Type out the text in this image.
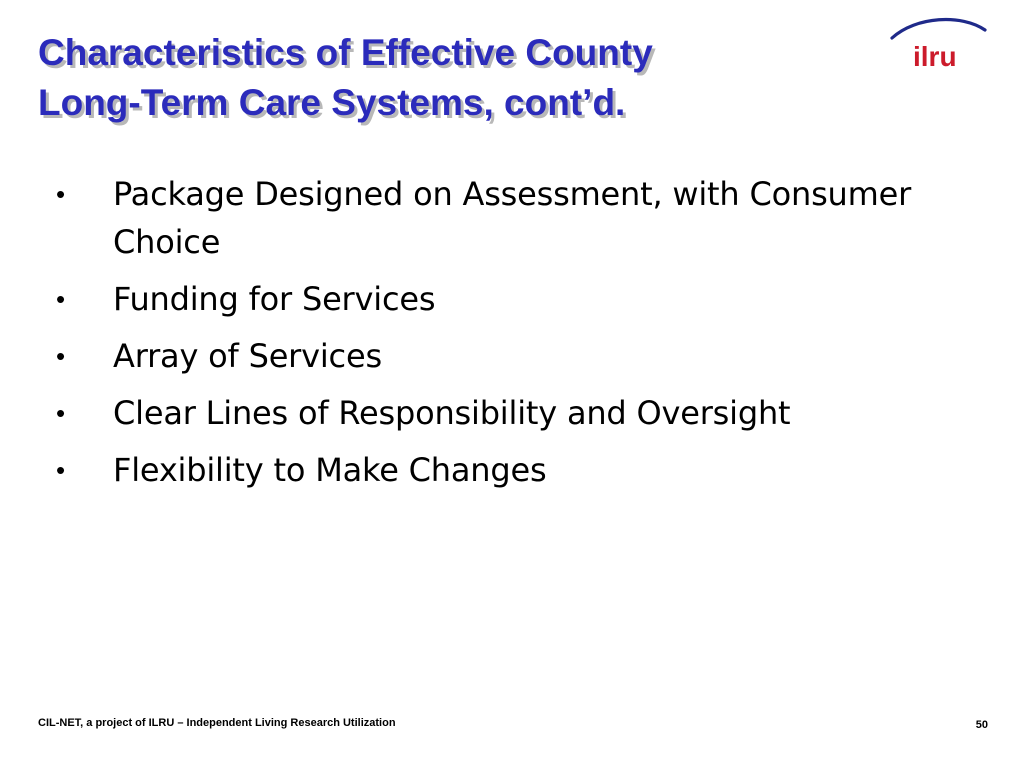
Characteristics of Effective County
Long-Term Care Systems, cont’d.
ilru
• Package Designed on Assessment, with Consumer Choice
• Funding for Services
• Array of Services
• Clear Lines of Responsibility and Oversight
• Flexibility to Make Changes
CIL-NET, a project of ILRU – Independent Living Research Utilization	50
